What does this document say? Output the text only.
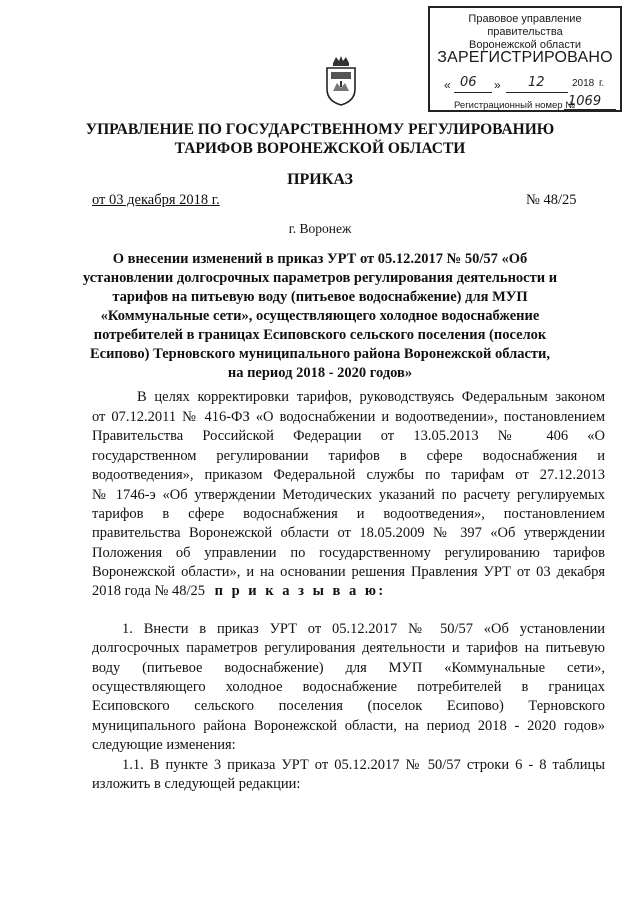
Правовое управление правительства
Воронежской области
ЗАРЕГИСТРИРОВАНО
« 06 » 12	2018 г.
Регистрационный номер №
1069
УПРАВЛЕНИЕ ПО ГОСУДАРСТВЕННОМУ РЕГУЛИРОВАНИЮ
ТАРИФОВ ВОРОНЕЖСКОЙ ОБЛАСТИ
ПРИКАЗ
от 03 декабря 2018 г.	№ 48/25
г. Воронеж
О внесении изменений в приказ УРТ от 05.12.2017 № 50/57 «Об
установлении долгосрочных параметров регулирования деятельности и
тарифов на питьевую воду (питьевое водоснабжение) для МУП
«Коммунальные сети», осуществляющего холодное водоснабжение
потребителей в границах Есиповского сельского поселения (поселок
Есипово) Терновского муниципального района Воронежской области,
на период 2018 - 2020 годов»
В целях корректировки тарифов, руководствуясь Федеральным законом
от 07.12.2011 № 416-ФЗ «О водоснабжении и водоотведении», постановлением
Правительства Российской Федерации от 13.05.2013 № 406 «О
государственном регулировании тарифов в сфере водоснабжения и
водоотведения», приказом Федеральной службы по тарифам от 27.12.2013
№ 1746-э «Об утверждении Методических указаний по расчету регулируемых
тарифов в сфере водоснабжения и водоотведения», постановлением
правительства Воронежской области от 18.05.2009 № 397 «Об утверждении
Положения об управлении по государственному регулированию тарифов
Воронежской области», и на основании решения Правления УРТ от 03 декабря
2018 года № 48/25 п р и к а з ы в а ю:
1. Внести в приказ УРТ от 05.12.2017 № 50/57 «Об установлении
долгосрочных параметров регулирования деятельности и тарифов на питьевую
воду (питьевое водоснабжение) для МУП «Коммунальные сети»,
осуществляющего холодное водоснабжение потребителей в границах
Есиповского сельского поселения (поселок Есипово) Терновского
муниципального района Воронежской области, на период 2018 - 2020 годов»
следующие изменения:
1.1. В пункте 3 приказа УРТ от 05.12.2017 № 50/57 строки 6 - 8 таблицы
изложить в следующей редакции:
